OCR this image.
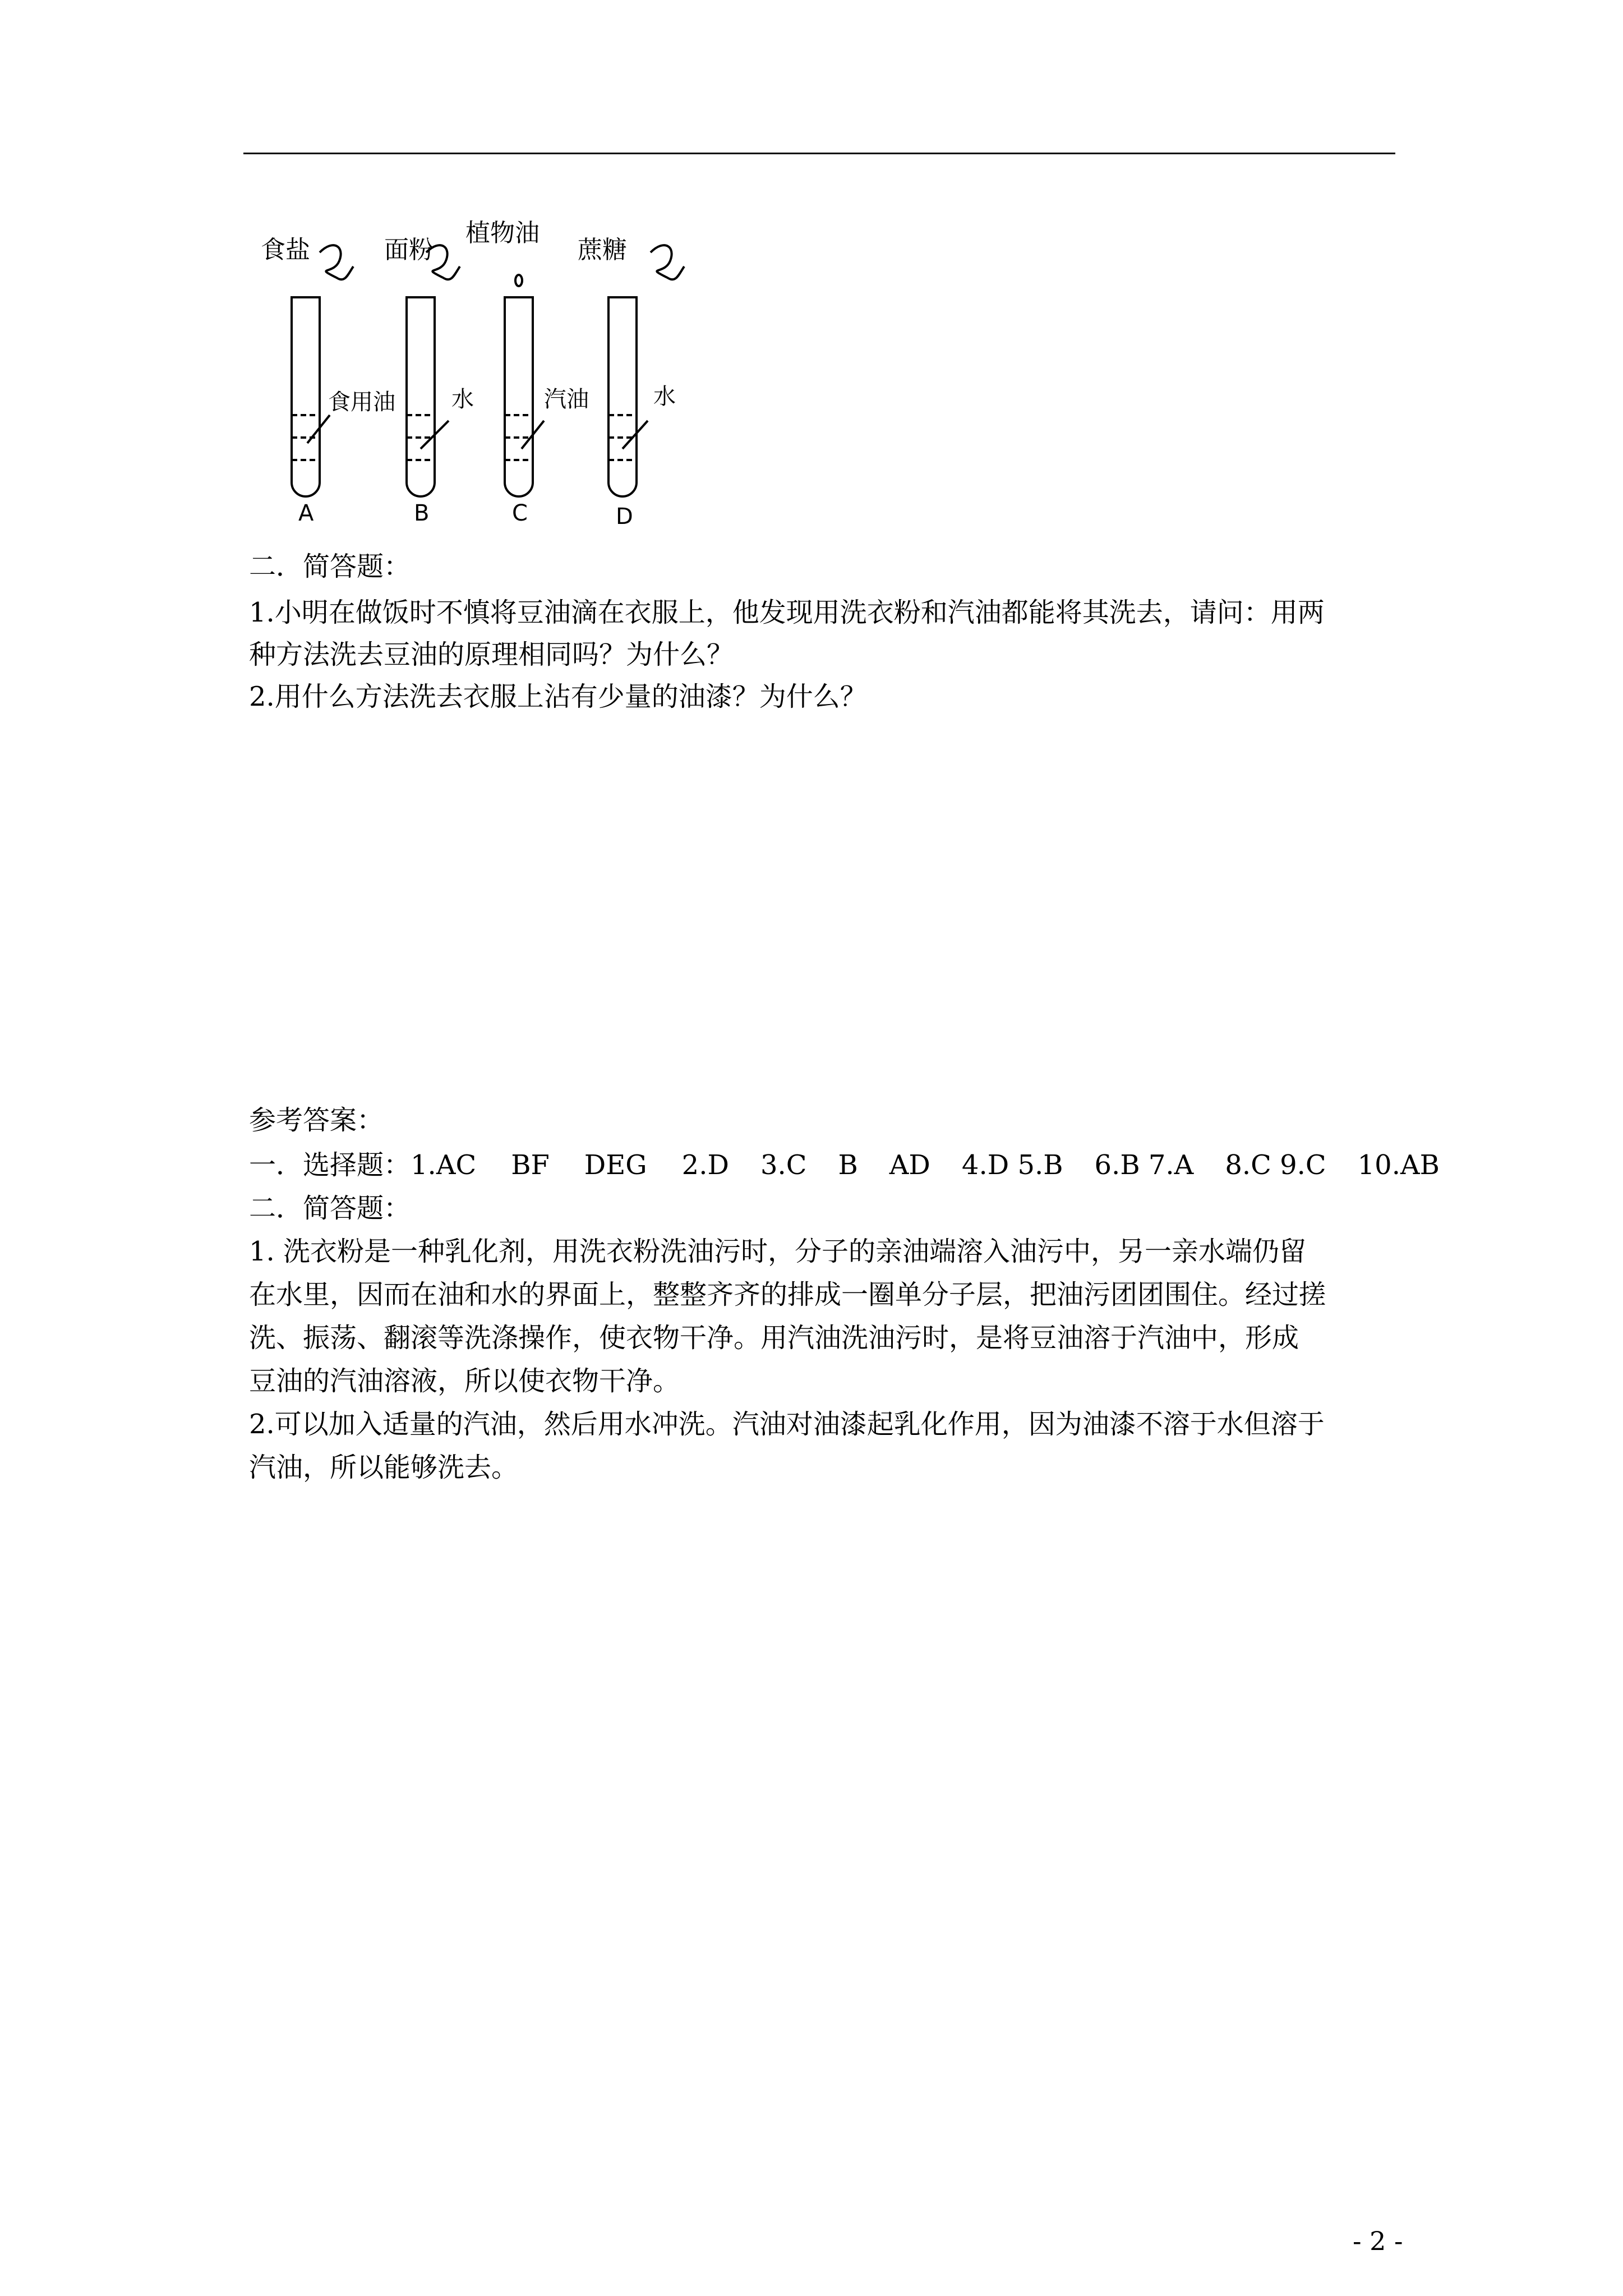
食盐	面粉
植物油
蔗糖
食用油	水	汽油	水
A	B	C	D
二．简答题：
1.小明在做饭时不慎将豆油滴在衣服上，他发现用洗衣粉和汽油都能将其洗去，请问：用两
种方法洗去豆油的原理相同吗？为什么？
2.用什么方法洗去衣服上沾有少量的油漆？为什么？
参考答案：
一．选择题：1.AC BF DEG 2.D 3.C B AD 4.D 5.B 6.B 7.A 8.C 9.C 10.AB
二．简答题：
1. 洗衣粉是一种乳化剂，用洗衣粉洗油污时，分子的亲油端溶入油污中，另一亲水端仍留
在水里，因而在油和水的界面上，整整齐齐的排成一圈单分子层，把油污团团围住。经过搓
洗、振荡、翻滚等洗涤操作，使衣物干净。用汽油洗油污时，是将豆油溶于汽油中，形成
豆油的汽油溶液，所以使衣物干净。
2.可以加入适量的汽油，然后用水冲洗。汽油对油漆起乳化作用，因为油漆不溶于水但溶于
汽油，所以能够洗去。
- 2 -
